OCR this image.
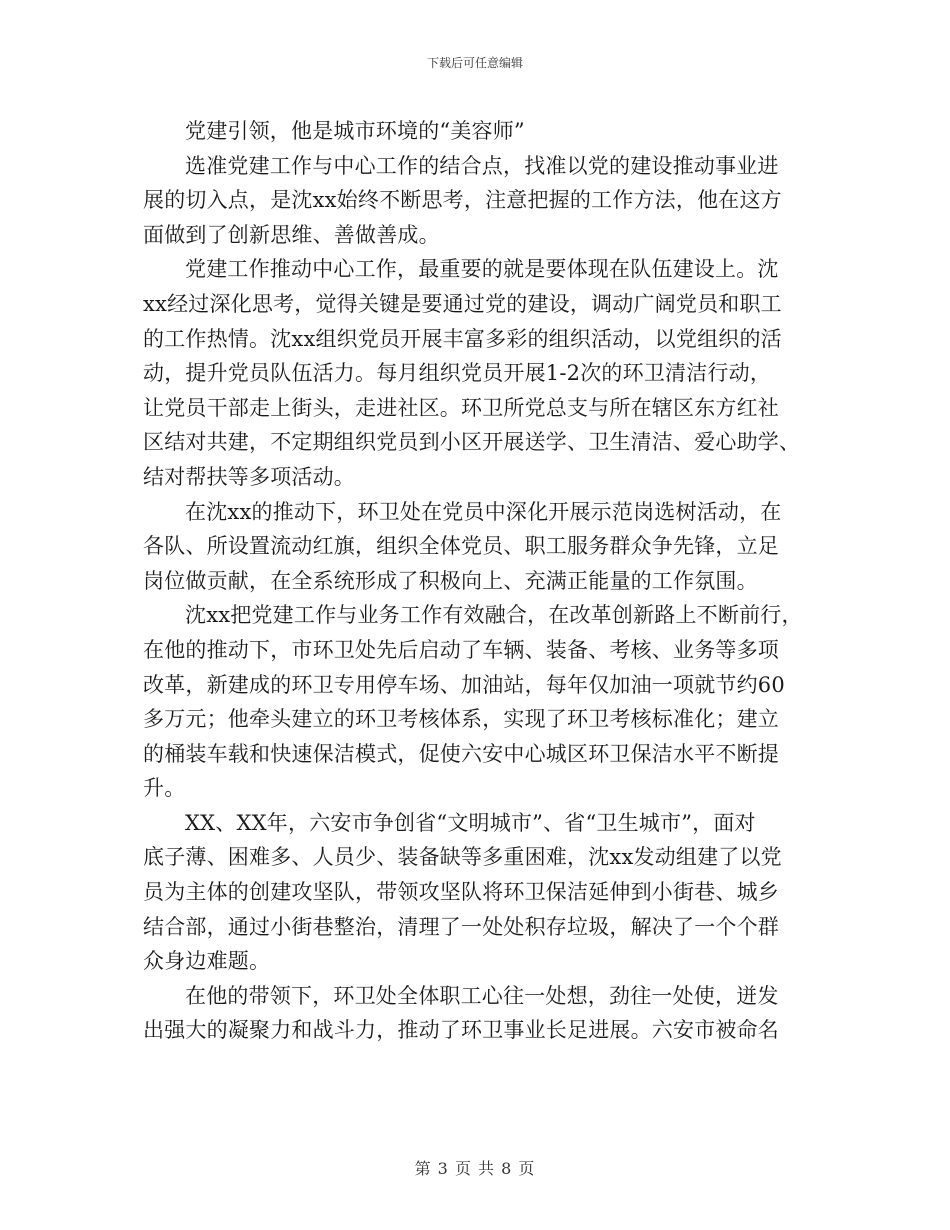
下载后可任意编辑
党建引领，他是城市环境的“美容师”
选准党建工作与中心工作的结合点，找准以党的建设推动事业进
展的切入点，是沈xx始终不断思考，注意把握的工作方法，他在这方
面做到了创新思维、善做善成。
党建工作推动中心工作，最重要的就是要体现在队伍建设上。沈
xx经过深化思考，觉得关键是要通过党的建设，调动广阔党员和职工
的工作热情。沈xx组织党员开展丰富多彩的组织活动，以党组织的活
动，提升党员队伍活力。每月组织党员开展1-2次的环卫清洁行动，
让党员干部走上街头，走进社区。环卫所党总支与所在辖区东方红社
区结对共建，不定期组织党员到小区开展送学、卫生清洁、爱心助学、
结对帮扶等多项活动。
在沈xx的推动下，环卫处在党员中深化开展示范岗选树活动，在
各队、所设置流动红旗，组织全体党员、职工服务群众争先锋，立足
岗位做贡献，在全系统形成了积极向上、充满正能量的工作氛围。
沈xx把党建工作与业务工作有效融合，在改革创新路上不断前行，
在他的推动下，市环卫处先后启动了车辆、装备、考核、业务等多项
改革，新建成的环卫专用停车场、加油站，每年仅加油一项就节约60
多万元；他牵头建立的环卫考核体系，实现了环卫考核标准化；建立
的桶装车载和快速保洁模式，促使六安中心城区环卫保洁水平不断提
升。
XX、XX年，六安市争创省“文明城市”、省“卫生城市”，面对
底子薄、困难多、人员少、装备缺等多重困难，沈xx发动组建了以党
员为主体的创建攻坚队，带领攻坚队将环卫保洁延伸到小街巷、城乡
结合部，通过小街巷整治，清理了一处处积存垃圾，解决了一个个群
众身边难题。
在他的带领下，环卫处全体职工心往一处想，劲往一处使，迸发
出强大的凝聚力和战斗力，推动了环卫事业长足进展。六安市被命名
第 3 页 共 8 页
